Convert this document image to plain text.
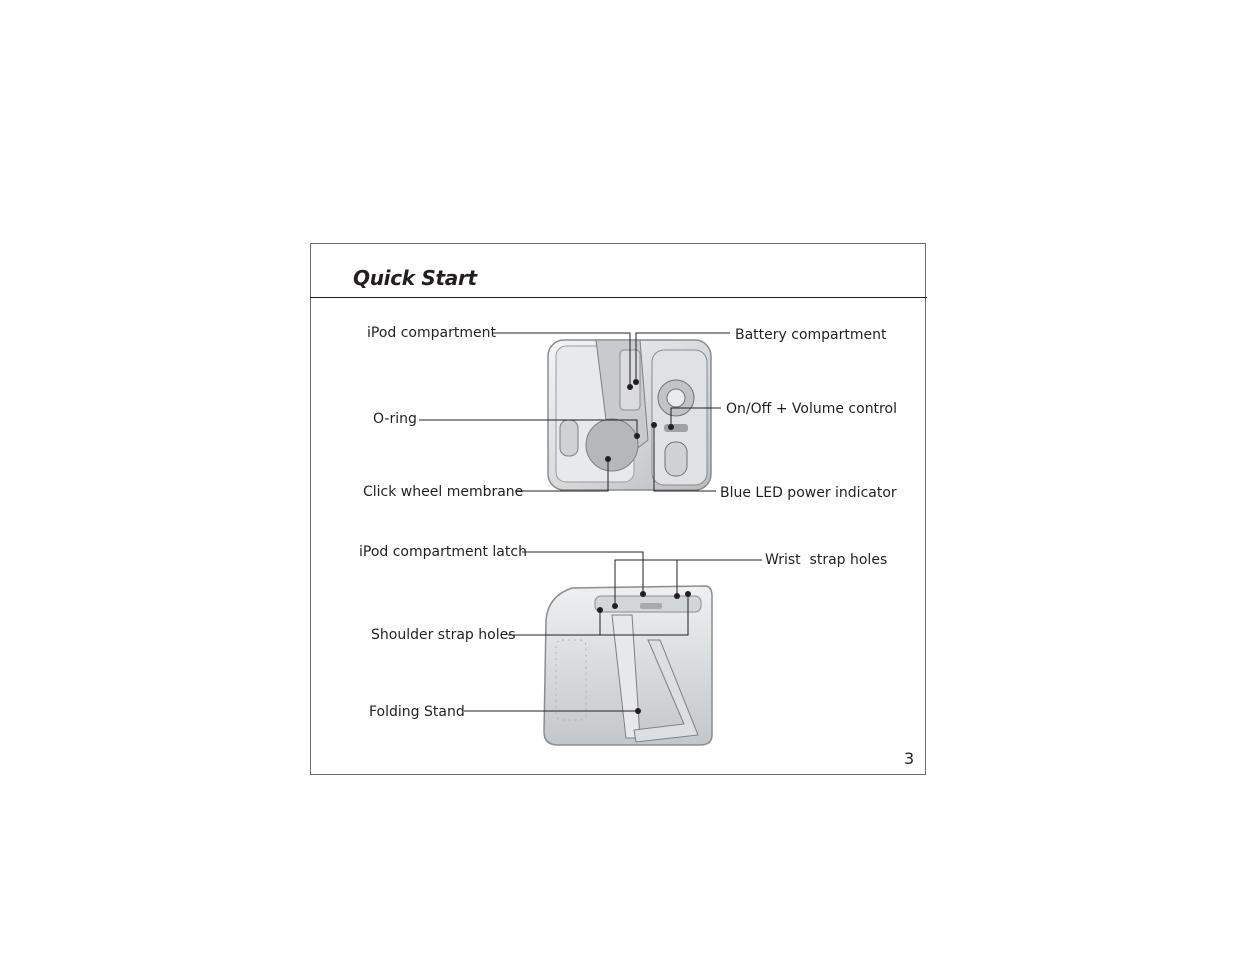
Quick Start
iPod compartment
O-ring
Click wheel membrane
Battery compartment
On/Off + Volume control
Blue LED power indicator
iPod compartment latch
Shoulder strap holes
Folding Stand
Wrist  strap holes
3
